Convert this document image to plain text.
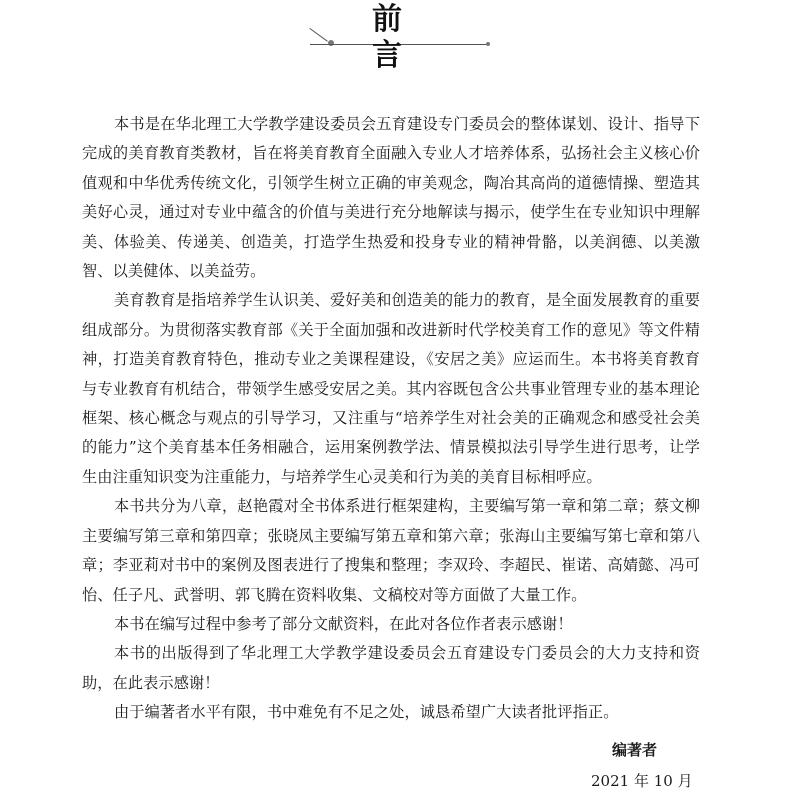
前言

本书是在华北理工大学教学建设委员会五育建设专门委员会的整体谋划、设计、指导下完成的美育教育类教材，旨在将美育教育全面融入专业人才培养体系，弘扬社会主义核心价值观和中华优秀传统文化，引领学生树立正确的审美观念，陶冶其高尚的道德情操、塑造其美好心灵，通过对专业中蕴含的价值与美进行充分地解读与揭示，使学生在专业知识中理解美、体验美、传递美、创造美，打造学生热爱和投身专业的精神骨骼，以美润德、以美激智、以美健体、以美益劳。

美育教育是指培养学生认识美、爱好美和创造美的能力的教育，是全面发展教育的重要组成部分。为贯彻落实教育部《关于全面加强和改进新时代学校美育工作的意见》等文件精神，打造美育教育特色，推动专业之美课程建设，《安居之美》应运而生。本书将美育教育与专业教育有机结合，带领学生感受安居之美。其内容既包含公共事业管理专业的基本理论框架、核心概念与观点的引导学习，又注重与“培养学生对社会美的正确观念和感受社会美的能力”这个美育基本任务相融合，运用案例教学法、情景模拟法引导学生进行思考，让学生由注重知识变为注重能力，与培养学生心灵美和行为美的美育目标相呼应。

本书共分为八章，赵艳霞对全书体系进行框架建构，主要编写第一章和第二章；蔡文柳主要编写第三章和第四章；张晓凤主要编写第五章和第六章；张海山主要编写第七章和第八章；李亚莉对书中的案例及图表进行了搜集和整理；李双玲、李超民、崔诺、高婧懿、冯可怡、任子凡、武誉明、郭飞腾在资料收集、文稿校对等方面做了大量工作。

本书在编写过程中参考了部分文献资料，在此对各位作者表示感谢！

本书的出版得到了华北理工大学教学建设委员会五育建设专门委员会的大力支持和资助，在此表示感谢！

由于编著者水平有限，书中难免有不足之处，诚恳希望广大读者批评指正。

编著者
2021 年 10 月
